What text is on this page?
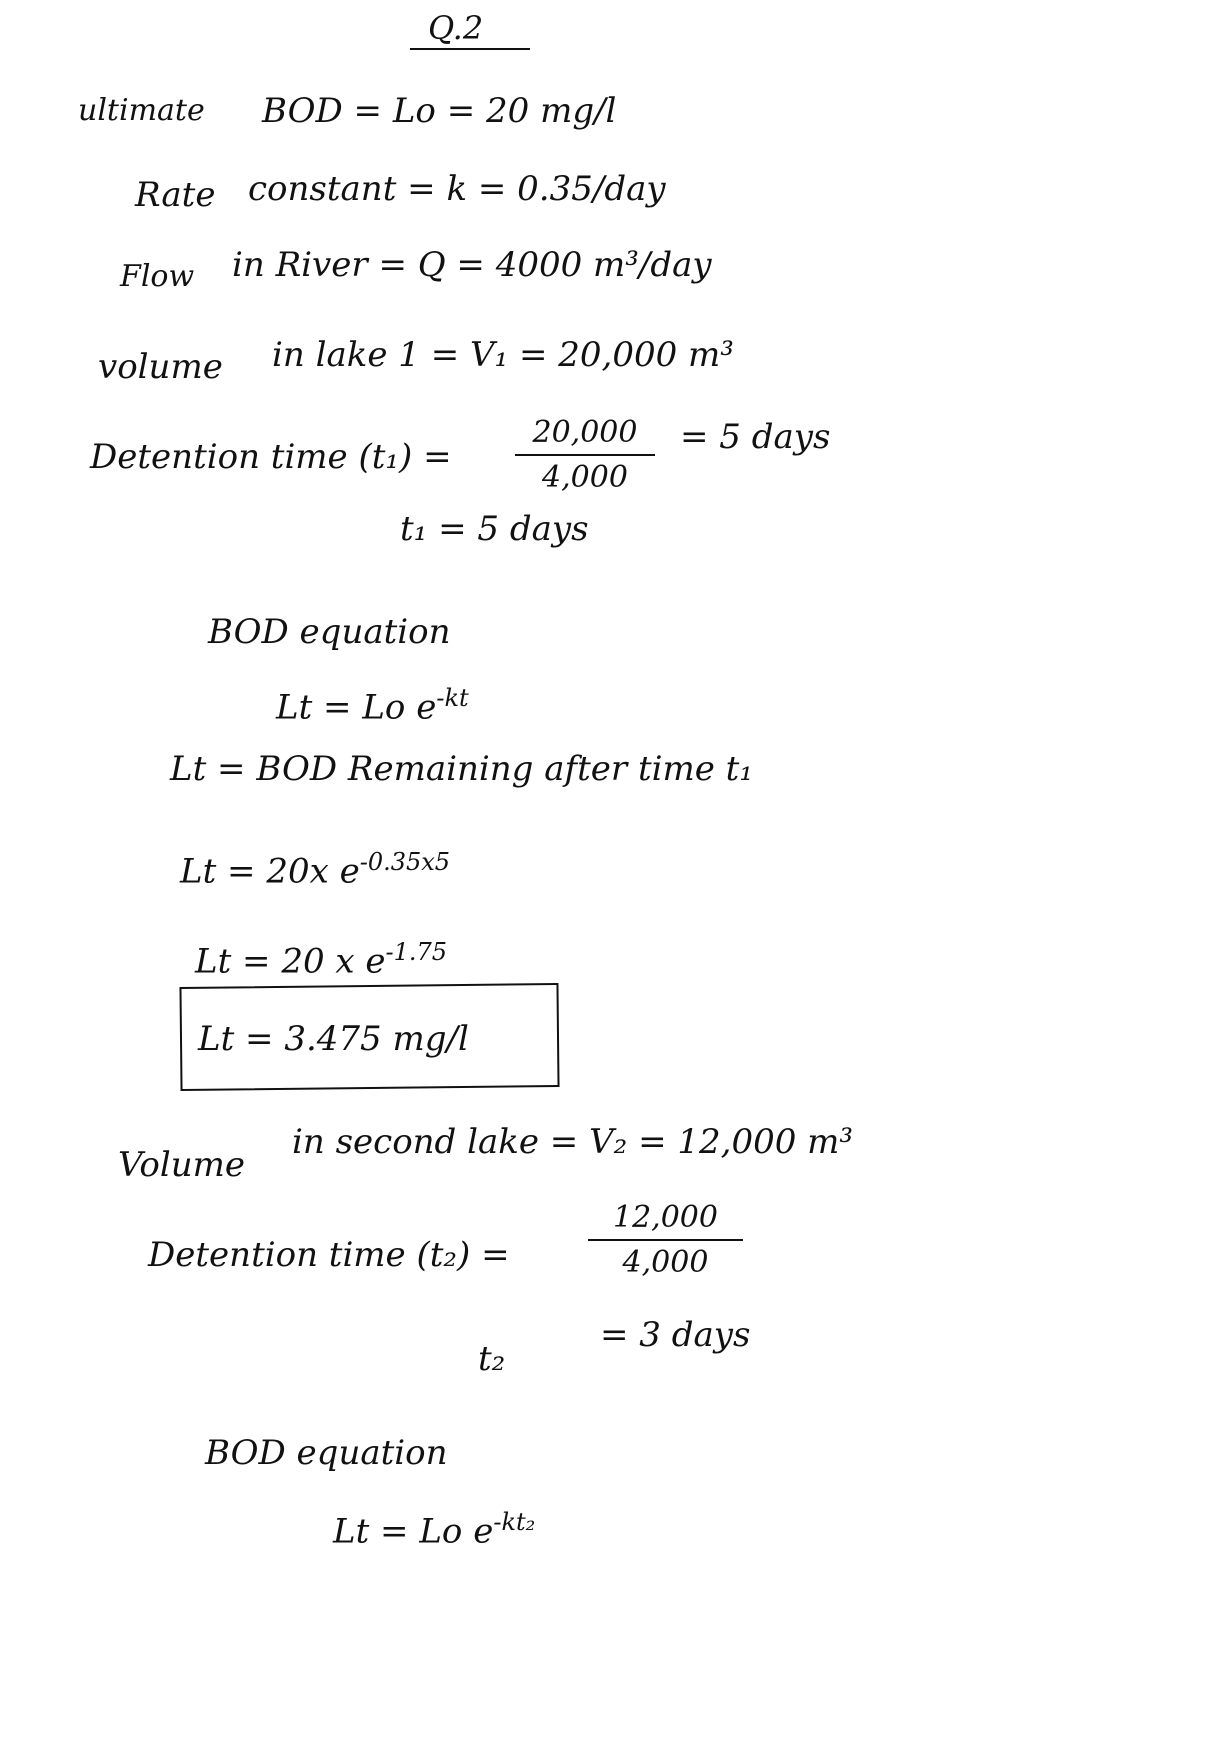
Q.2
ultimate BOD = Lo = 20 mg/l
Rate constant = k = 0.35/day
Flow in River = Q = 4000 m³/day
volume in lake 1 = V₁ = 20,000 m³
Detention time $(t_1) = \frac{20,000}{4,000} = 5$ days
t₁ = 5 days
BOD equation
Lt = Lo $e^{-kt}$
Lt = BOD Remaining after time t₁
Lt = 20x $e^{-0.35x5}$
Lt = 20 x $e^{-1.75}$
Lt = 3.475 mg/l
Volume
in second lake = V₂ = 12,000 m³
Detention time (t₂) =	$\frac{12,000}{4,000}$
t₂
= 3 days
BOD equation
Lt = Lo $e^{-kt_2}$
